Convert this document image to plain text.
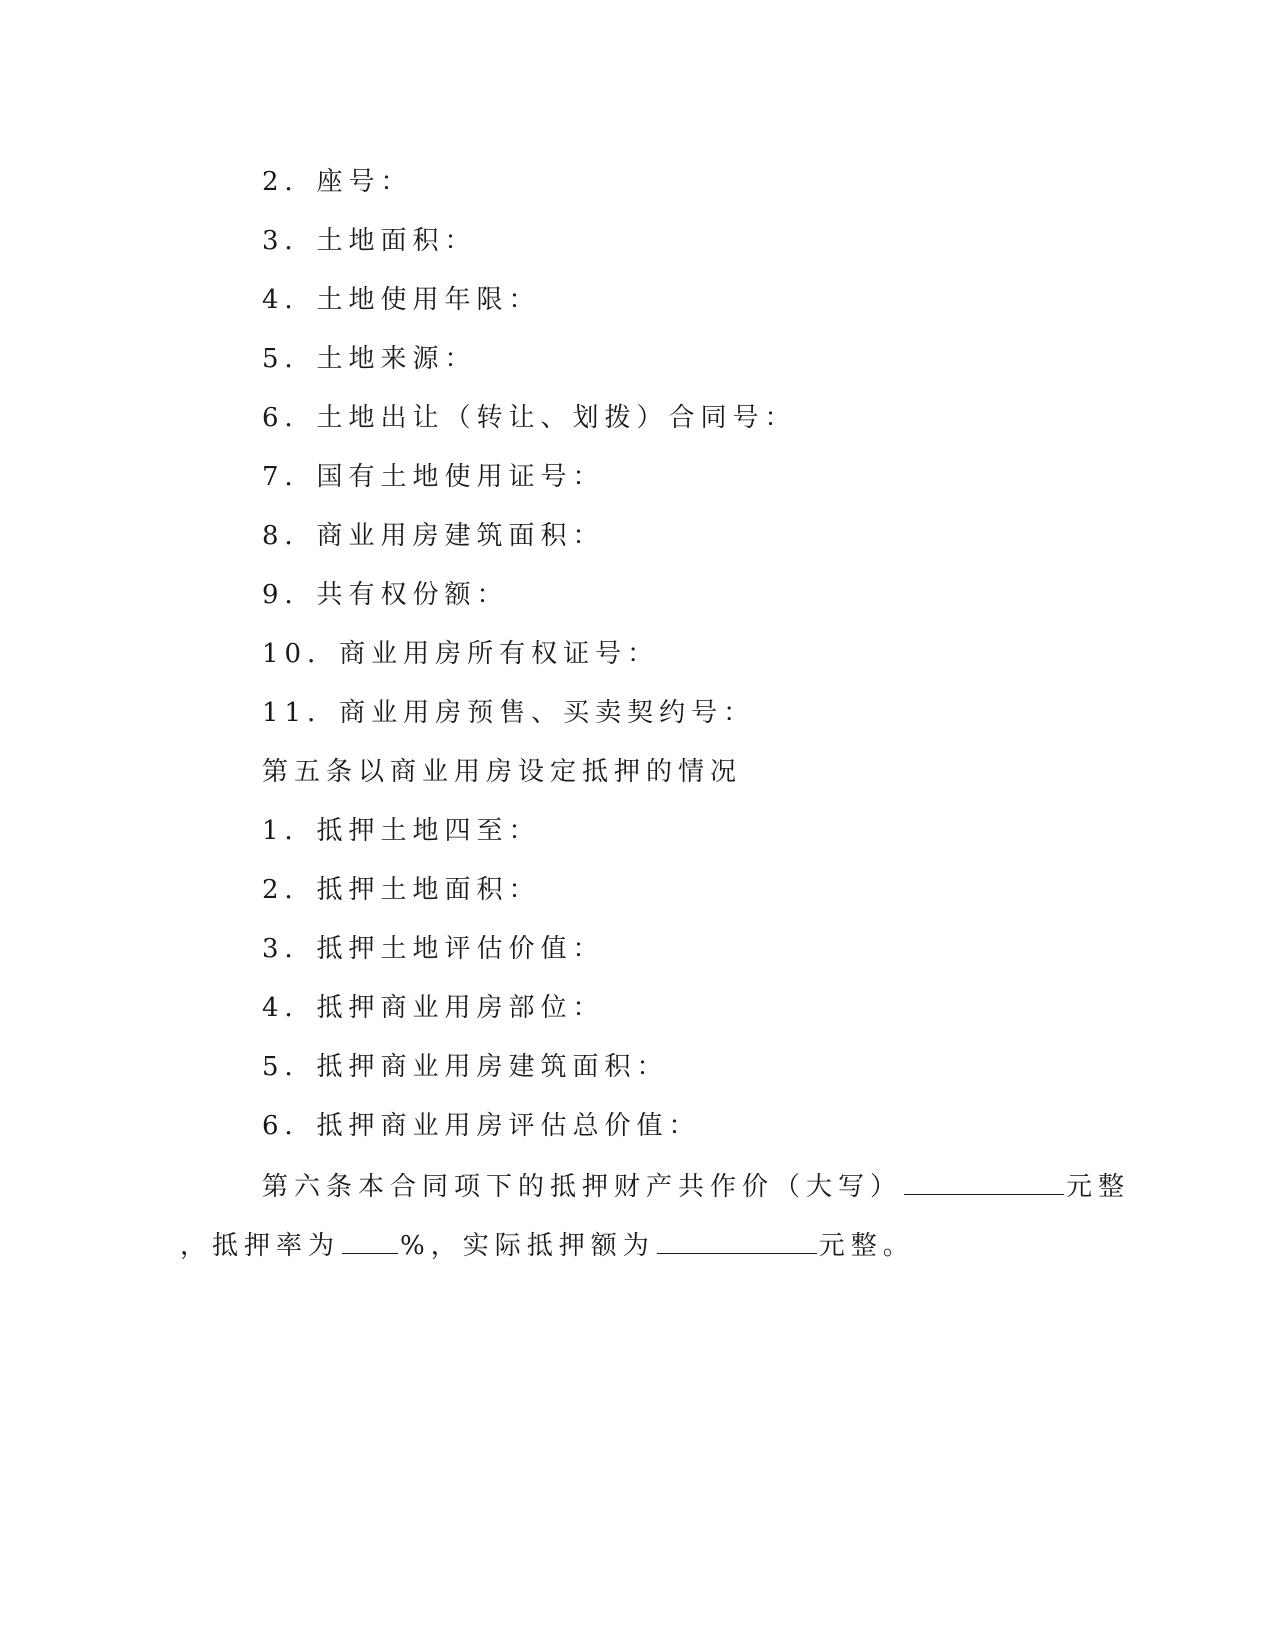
2．座号：
3．土地面积：
4．土地使用年限：
5．土地来源：
6．土地出让（转让、划拨）合同号：
7．国有土地使用证号：
8．商业用房建筑面积：
9．共有权份额：
10．商业用房所有权证号：
11．商业用房预售、买卖契约号：
第五条以商业用房设定抵押的情况
1．抵押土地四至：
2．抵押土地面积：
3．抵押土地评估价值：
4．抵押商业用房部位：
5．抵押商业用房建筑面积：
6．抵押商业用房评估总价值：
第六条本合同项下的抵押财产共作价（大写）	元整
，抵押率为 %，实际抵押额为	元整。
